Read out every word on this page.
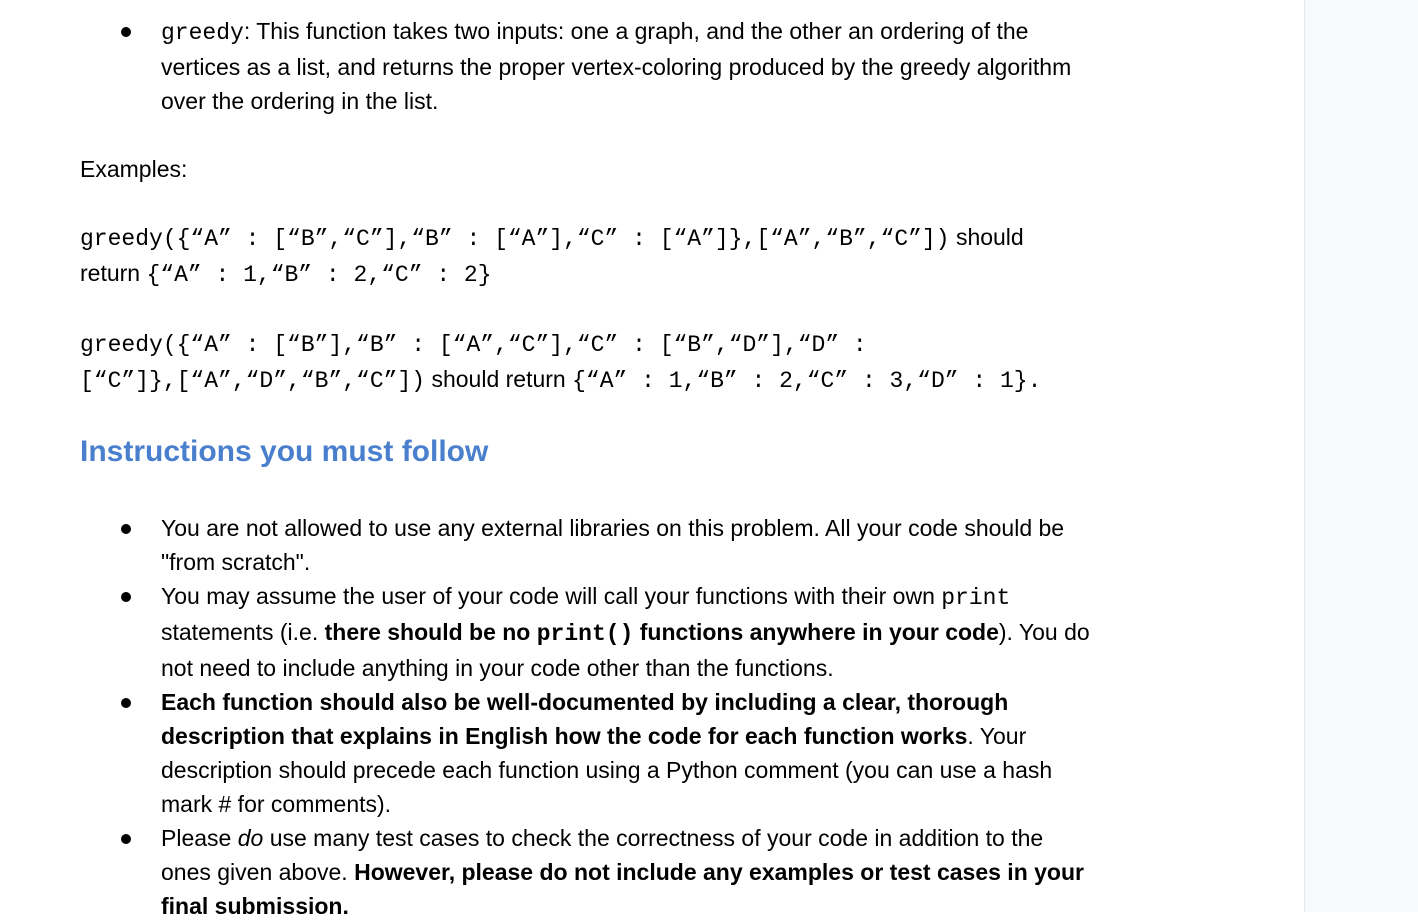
greedy: This function takes two inputs: one a graph, and the other an ordering of the
vertices as a list, and returns the proper vertex-coloring produced by the greedy algorithm
over the ordering in the list.
Examples:
greedy({“A” : [“B”,“C”],“B” : [“A”],“C” : [“A”]},[“A”,“B”,“C”]) should
return {“A” : 1,“B” : 2,“C” : 2}
greedy({“A” : [“B”],“B” : [“A”,“C”],“C” : [“B”,“D”],“D” :
[“C”]},[“A”,“D”,“B”,“C”]) should return {“A” : 1,“B” : 2,“C” : 3,“D” : 1}.
Instructions you must follow
You are not allowed to use any external libraries on this problem. All your code should be
"from scratch".
You may assume the user of your code will call your functions with their own print
statements (i.e. there should be no print() functions anywhere in your code). You do
not need to include anything in your code other than the functions.
Each function should also be well-documented by including a clear, thorough
description that explains in English how the code for each function works. Your
description should precede each function using a Python comment (you can use a hash
mark # for comments).
Please do use many test cases to check the correctness of your code in addition to the
ones given above. However, please do not include any examples or test cases in your
final submission.
